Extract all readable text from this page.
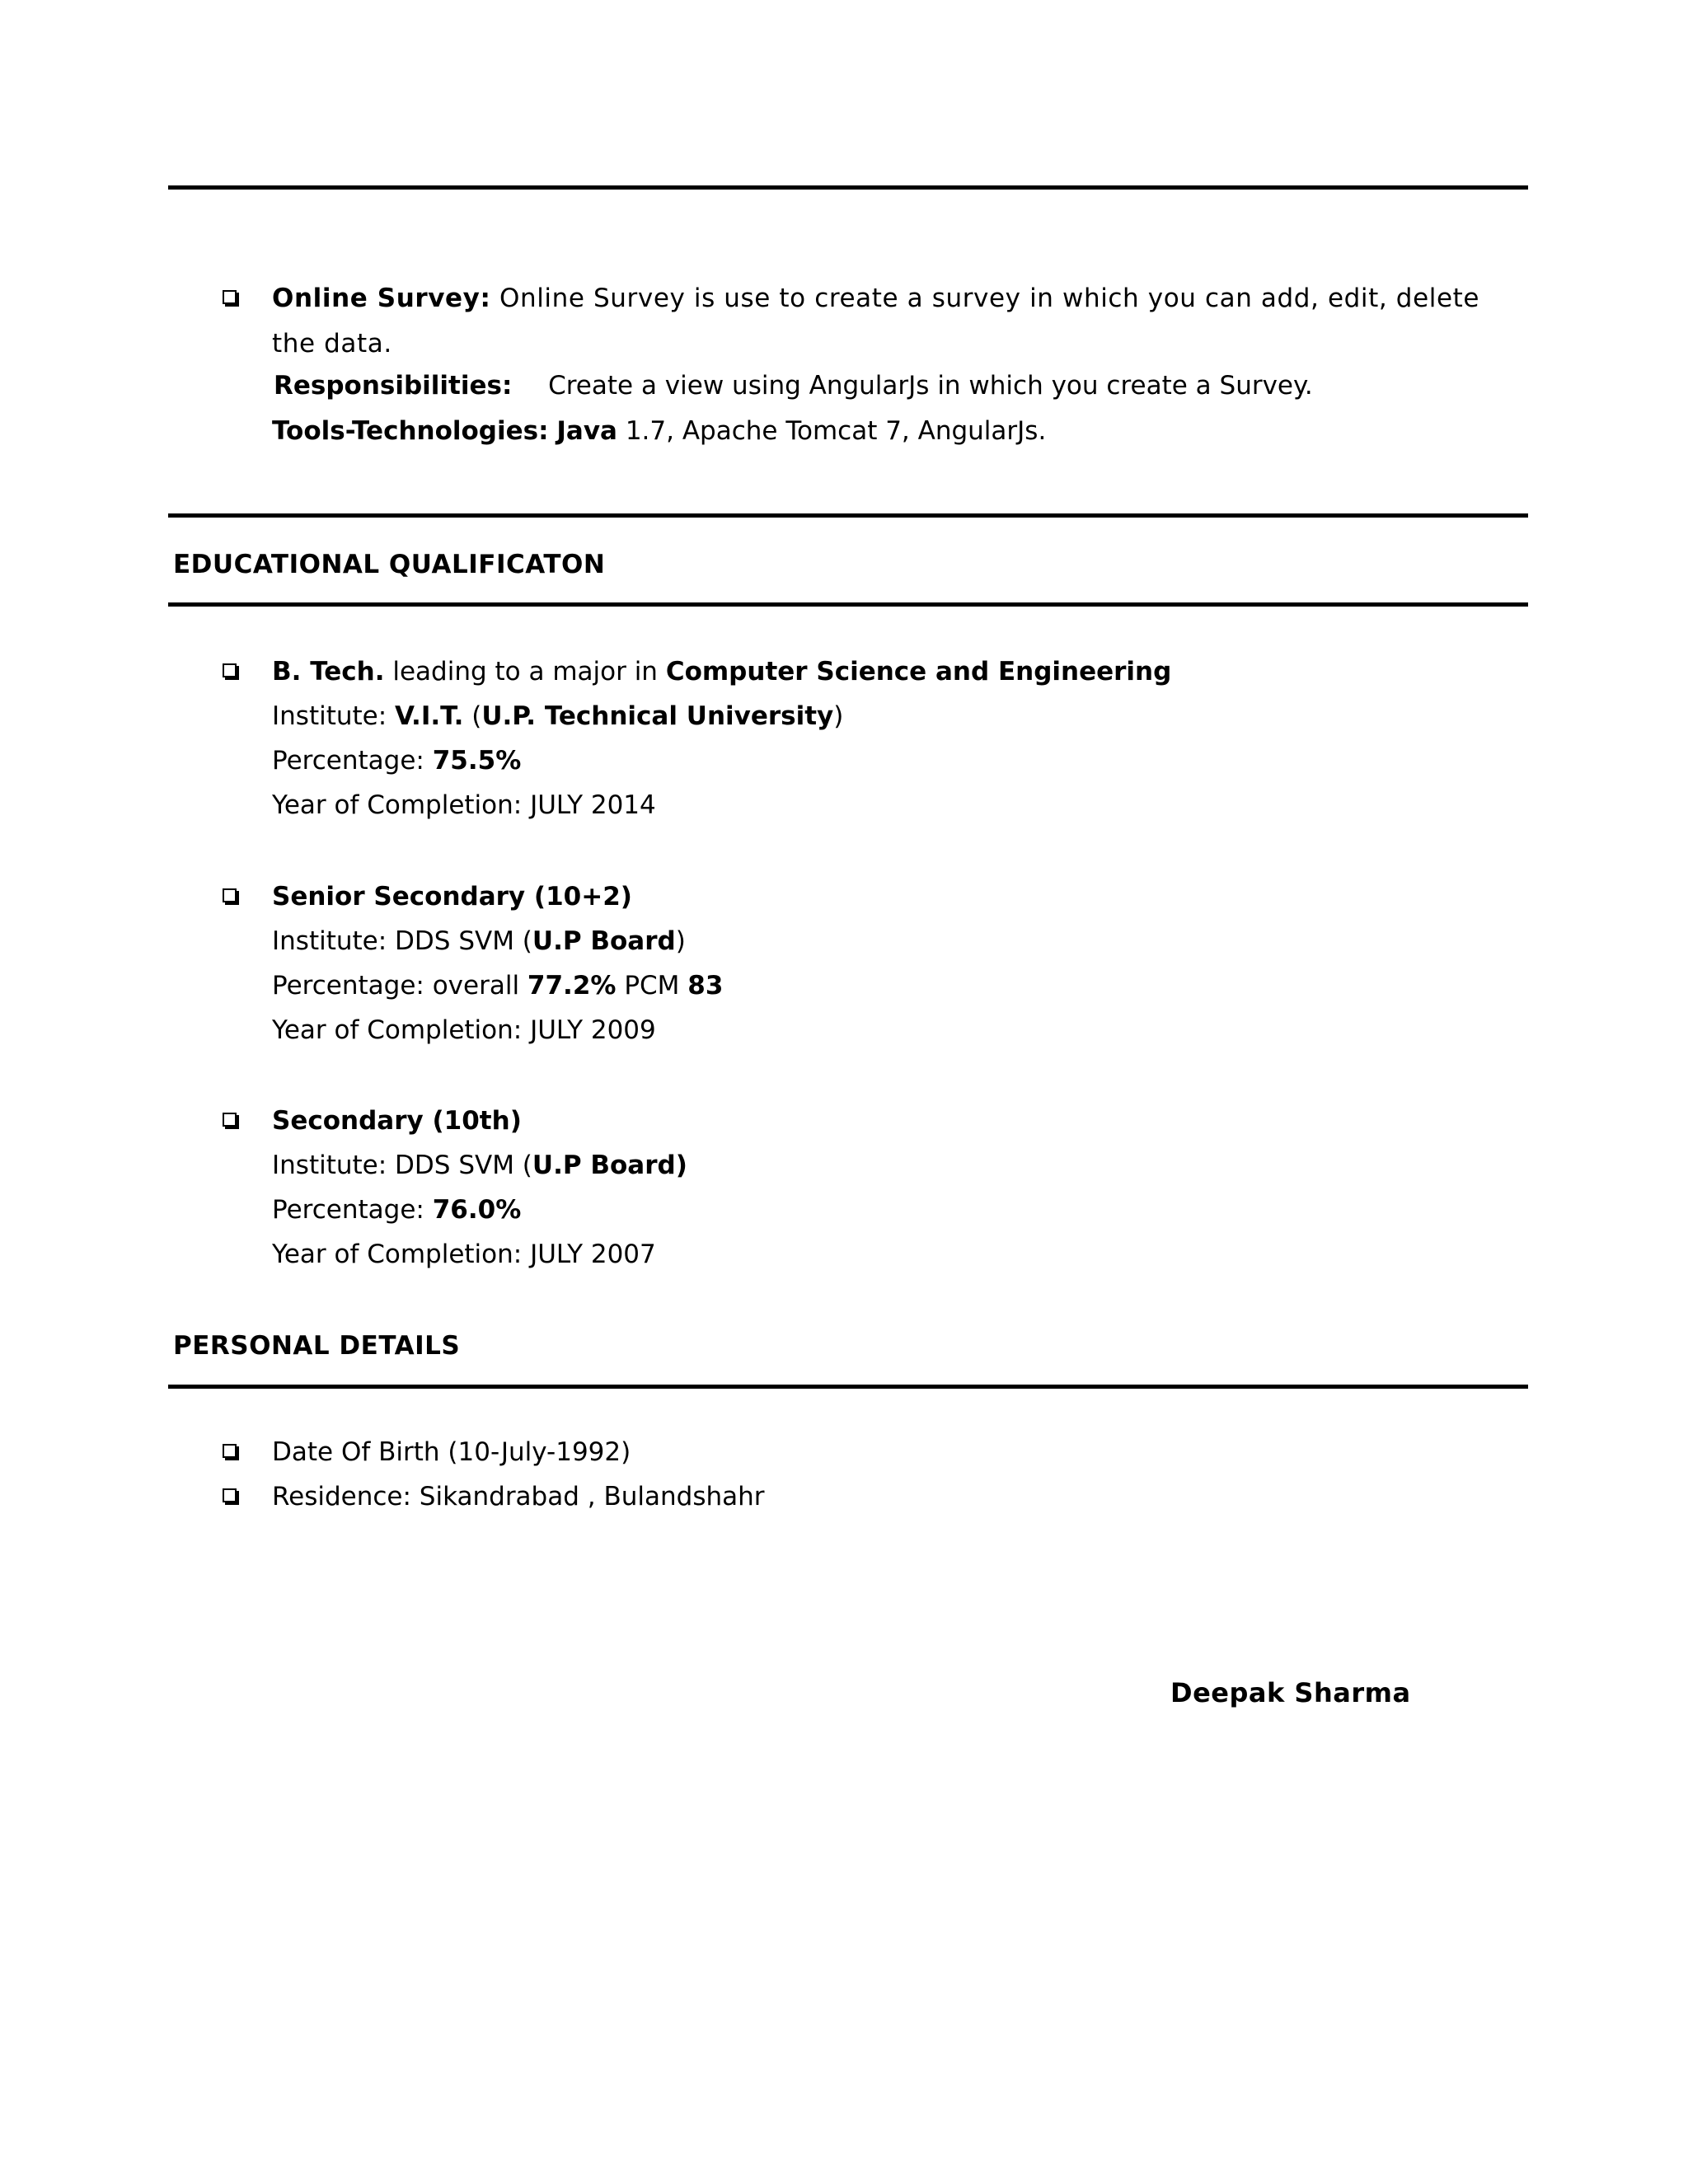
Online Survey: Online Survey is use to create a survey in which you can add, edit, delete the data.
Responsibilities: Create a view using AngularJs in which you create a Survey.
Tools-Technologies: Java 1.7, Apache Tomcat 7, AngularJs.
EDUCATIONAL QUALIFICATON
B. Tech. leading to a major in Computer Science and Engineering
Institute: V.I.T. (U.P. Technical University)
Percentage: 75.5%
Year of Completion: JULY 2014
Senior Secondary (10+2)
Institute: DDS SVM (U.P Board)
Percentage: overall 77.2% PCM 83
Year of Completion: JULY 2009
Secondary (10th)
Institute: DDS SVM (U.P Board)
Percentage: 76.0%
Year of Completion: JULY 2007
PERSONAL DETAILS
Date Of Birth (10-July-1992)
Residence: Sikandrabad , Bulandshahr
Deepak Sharma
